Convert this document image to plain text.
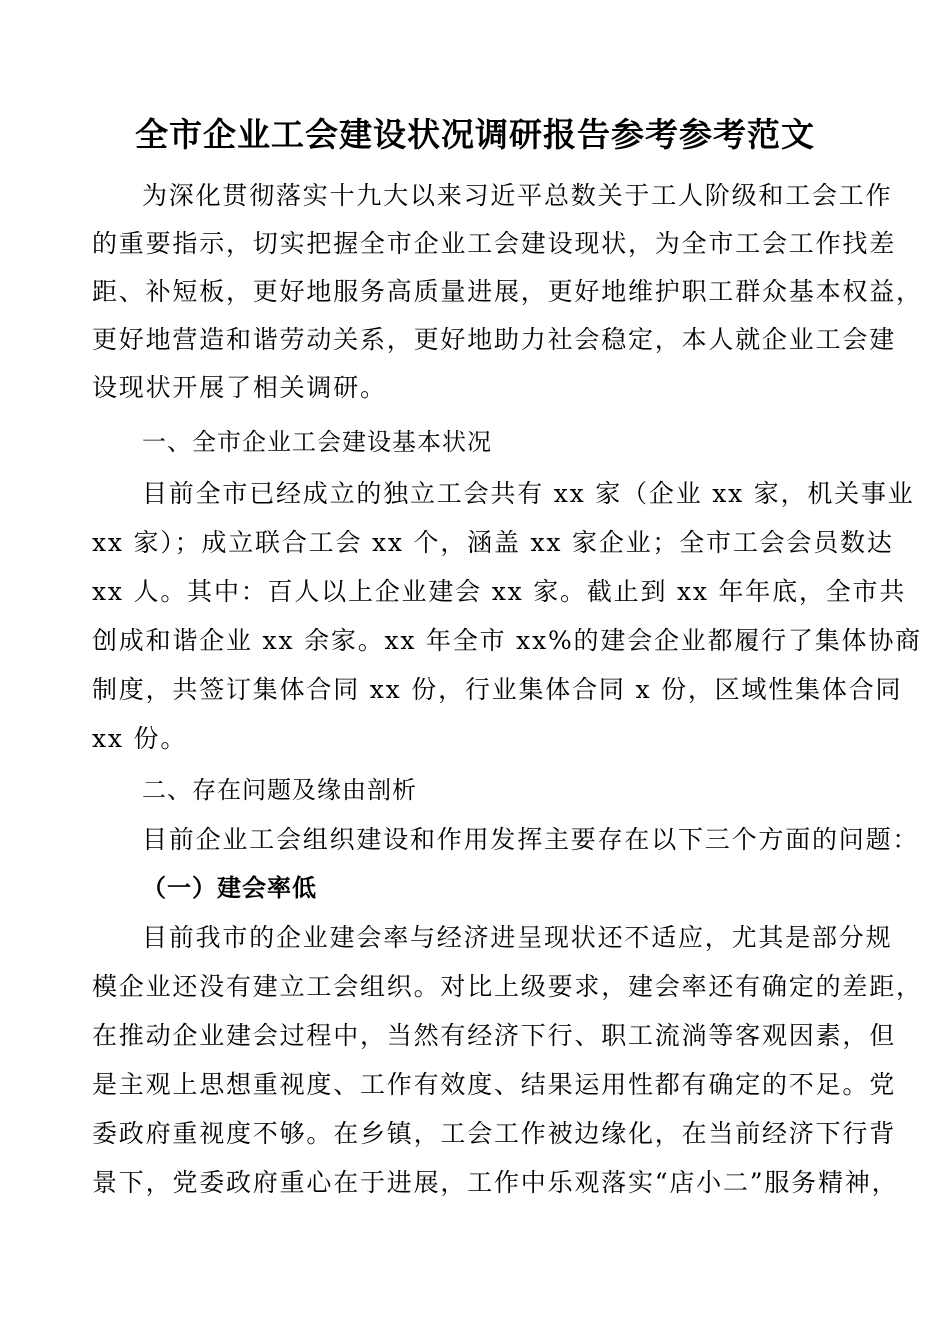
全市企业工会建设状况调研报告参考参考范文
为深化贯彻落实十九大以来习近平总数关于工人阶级和工会工作
的重要指示，切实把握全市企业工会建设现状，为全市工会工作找差
距、补短板，更好地服务高质量进展，更好地维护职工群众基本权益，
更好地营造和谐劳动关系，更好地助力社会稳定，本人就企业工会建
设现状开展了相关调研。
一、全市企业工会建设基本状况
目前全市已经成立的独立工会共有 xx 家（企业 xx 家，机关事业
xx 家）；成立联合工会 xx 个，涵盖 xx 家企业；全市工会会员数达
xx 人。其中：百人以上企业建会 xx 家。截止到 xx 年年底，全市共
创成和谐企业 xx 余家。xx 年全市 xx%的建会企业都履行了集体协商
制度，共签订集体合同 xx 份，行业集体合同 x 份，区域性集体合同
xx 份。
二、存在问题及缘由剖析
目前企业工会组织建设和作用发挥主要存在以下三个方面的问题：
（一）建会率低
目前我市的企业建会率与经济进呈现状还不适应，尤其是部分规
模企业还没有建立工会组织。对比上级要求，建会率还有确定的差距，
在推动企业建会过程中，当然有经济下行、职工流淌等客观因素，但
是主观上思想重视度、工作有效度、结果运用性都有确定的不足。党
委政府重视度不够。在乡镇，工会工作被边缘化，在当前经济下行背
景下，党委政府重心在于进展，工作中乐观落实“店小二”服务精神，
